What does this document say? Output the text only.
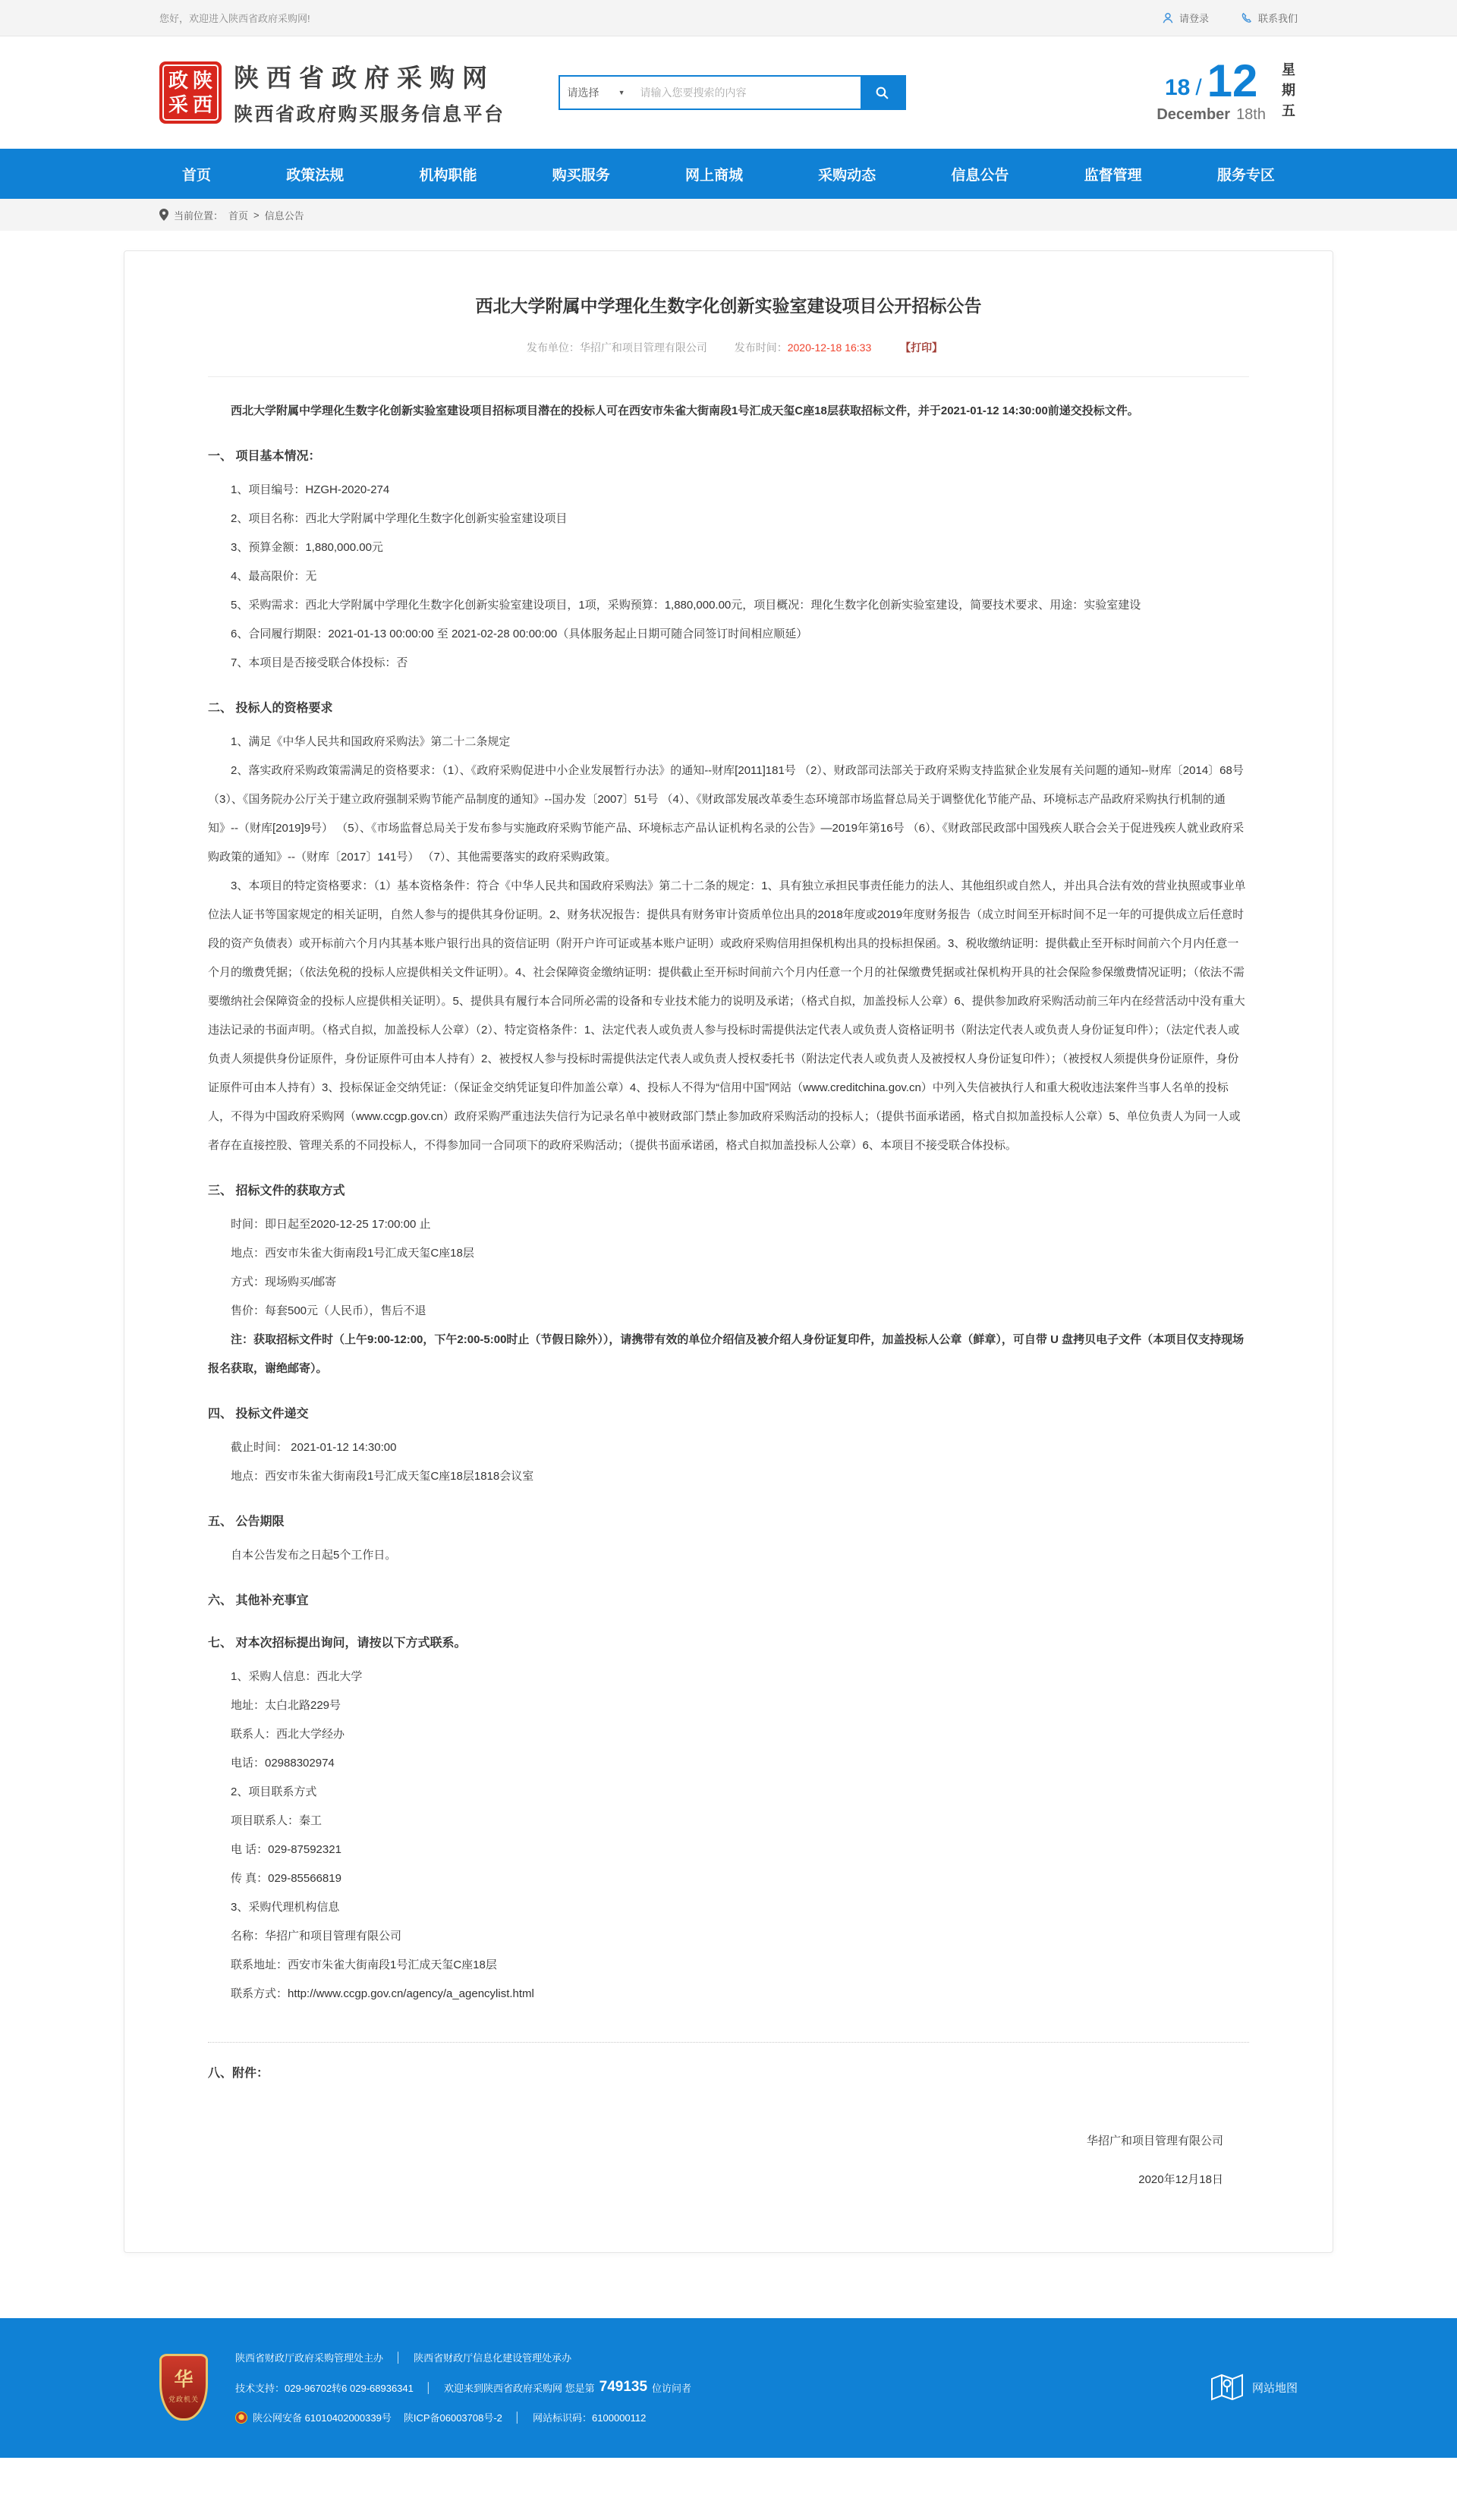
您好，欢迎进入陕西省政府采购网!	请登录	联系我们
政 陕
采 西
陕西省政府采购网
陕西省政府购买服务信息平台
请选择	▼
请输入您要搜索的内容	18 / 12
December 18th 星期五
首页	政策法规	机构职能	购买服务	网上商城	采购动态	信息公告	监督管理	服务专区
当前位置： 首页 > 信息公告
西北大学附属中学理化生数字化创新实验室建设项目公开招标公告
发布单位：华招广和项目管理有限公司	发布时间：2020-12-18 16:33	【打印】

西北大学附属中学理化生数字化创新实验室建设项目招标项目潜在的投标人可在西安市朱雀大街南段1号汇成天玺C座18层获取招标文件，并于2021-01-12 14:30:00前递交投标文件。

一、 项目基本情况：

1、项目编号：HZGH-2020-274

2、项目名称：西北大学附属中学理化生数字化创新实验室建设项目

3、预算金额：1,880,000.00元

4、最高限价：无

5、采购需求：西北大学附属中学理化生数字化创新实验室建设项目，1项，采购预算：1,880,000.00元，项目概况：理化生数字化创新实验室建设，简要技术要求、用途：实验室建设

6、合同履行期限：2021-01-13 00:00:00 至 2021-02-28 00:00:00（具体服务起止日期可随合同签订时间相应顺延）

7、本项目是否接受联合体投标：否

二、 投标人的资格要求

1、满足《中华人民共和国政府采购法》第二十二条规定

2、落实政府采购政策需满足的资格要求：（1）、《政府采购促进中小企业发展暂行办法》的通知--财库[2011]181号 （2）、财政部司法部关于政府采购支持监狱企业发展有关问题的通知--财库〔2014〕68号 （3）、《国务院办公厅关于建立政府强制采购节能产品制度的通知》--国办发〔2007〕51号 （4）、《财政部发展改革委生态环境部市场监督总局关于调整优化节能产品、环境标志产品政府采购执行机制的通知》--（财库[2019]9号） （5）、《市场监督总局关于发布参与实施政府采购节能产品、环境标志产品认证机构名录的公告》—2019年第16号 （6）、《财政部民政部中国残疾人联合会关于促进残疾人就业政府采购政策的通知》--（财库〔2017〕141号） （7）、其他需要落实的政府采购政策。

3、本项目的特定资格要求：（1）基本资格条件：符合《中华人民共和国政府采购法》第二十二条的规定：1、具有独立承担民事责任能力的法人、其他组织或自然人，并出具合法有效的营业执照或事业单位法人证书等国家规定的相关证明，自然人参与的提供其身份证明。2、财务状况报告：提供具有财务审计资质单位出具的2018年度或2019年度财务报告（成立时间至开标时间不足一年的可提供成立后任意时段的资产负债表）或开标前六个月内其基本账户银行出具的资信证明（附开户许可证或基本账户证明）或政府采购信用担保机构出具的投标担保函。3、税收缴纳证明：提供截止至开标时间前六个月内任意一个月的缴费凭据；（依法免税的投标人应提供相关文件证明）。4、社会保障资金缴纳证明：提供截止至开标时间前六个月内任意一个月的社保缴费凭据或社保机构开具的社会保险参保缴费情况证明；（依法不需要缴纳社会保障资金的投标人应提供相关证明）。5、提供具有履行本合同所必需的设备和专业技术能力的说明及承诺；（格式自拟，加盖投标人公章）6、提供参加政府采购活动前三年内在经营活动中没有重大违法记录的书面声明。（格式自拟，加盖投标人公章）（2）、特定资格条件：1、法定代表人或负责人参与投标时需提供法定代表人或负责人资格证明书（附法定代表人或负责人身份证复印件）；（法定代表人或负责人须提供身份证原件，身份证原件可由本人持有）2、被授权人参与投标时需提供法定代表人或负责人授权委托书（附法定代表人或负责人及被授权人身份证复印件）；（被授权人须提供身份证原件，身份证原件可由本人持有）3、投标保证金交纳凭证：（保证金交纳凭证复印件加盖公章）4、投标人不得为“信用中国”网站（www.creditchina.gov.cn）中列入失信被执行人和重大税收违法案件当事人名单的投标人，不得为中国政府采购网（www.ccgp.gov.cn）政府采购严重违法失信行为记录名单中被财政部门禁止参加政府采购活动的投标人；（提供书面承诺函，格式自拟加盖投标人公章）5、单位负责人为同一人或者存在直接控股、管理关系的不同投标人，不得参加同一合同项下的政府采购活动；（提供书面承诺函，格式自拟加盖投标人公章）6、本项目不接受联合体投标。

三、 招标文件的获取方式

时间：即日起至2020-12-25 17:00:00 止

地点：西安市朱雀大街南段1号汇成天玺C座18层

方式：现场购买/邮寄

售价：每套500元（人民币），售后不退

注：获取招标文件时（上午9:00-12:00，下午2:00-5:00时止（节假日除外）），请携带有效的单位介绍信及被介绍人身份证复印件，加盖投标人公章（鲜章），可自带 U 盘拷贝电子文件（本项目仅支持现场报名获取，谢绝邮寄）。

四、 投标文件递交

截止时间： 2021-01-12 14:30:00

地点：西安市朱雀大街南段1号汇成天玺C座18层1818会议室

五、 公告期限

自本公告发布之日起5个工作日。

六、 其他补充事宜

七、 对本次招标提出询问，请按以下方式联系。

1、采购人信息：西北大学

地址：太白北路229号

联系人：西北大学经办

电话：02988302974

2、项目联系方式

项目联系人：秦工

电 话：029-87592321

传 真：029-85566819

3、采购代理机构信息

名称：华招广和项目管理有限公司

联系地址：西安市朱雀大街南段1号汇成天玺C座18层

联系方式：http://www.ccgp.gov.cn/agency/a_agencylist.html

八、附件：

华招广和项目管理有限公司

2020年12月18日

华
党政机关

陕西省财政厅政府采购管理处主办 │ 陕西省财政厅信息化建设管理处承办

技术支持：029-96702转6 029-68936341 │ 欢迎来到陕西省政府采购网 您是第 749135 位访问者

陕公网安备 61010402000339号 陕ICP备06003708号-2 │ 网站标识码：6100000112

网站地图
